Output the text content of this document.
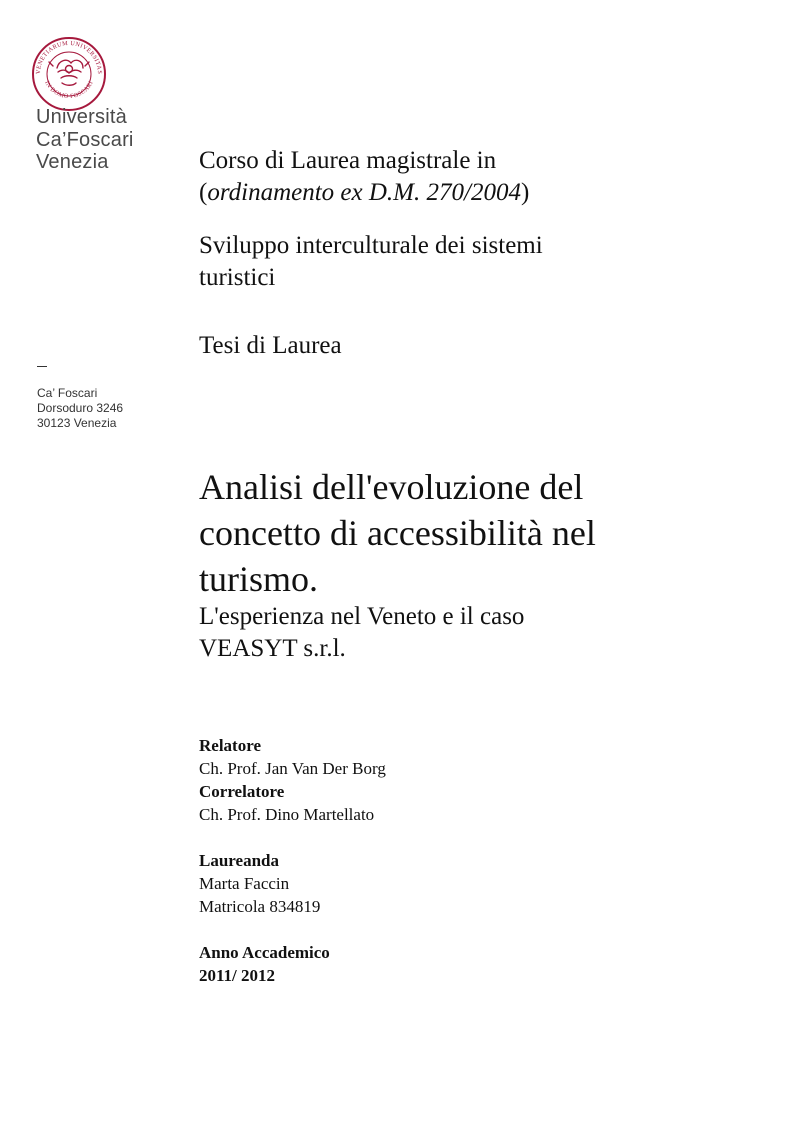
VENETIARUM UNIVERSITAS
IN DOMO FOSCARI
Università
Ca’Foscari
Venezia
Ca’ Foscari
Dorsoduro 3246
30123 Venezia
Corso di Laurea magistrale in
(ordinamento ex D.M. 270/2004)
Sviluppo interculturale dei sistemi
turistici
Tesi di Laurea
Analisi dell'evoluzione del
concetto di accessibilità nel
turismo.
L'esperienza nel Veneto e il caso
VEASYT s.r.l.
Relatore
Ch. Prof. Jan Van Der Borg
Correlatore
Ch. Prof. Dino Martellato
Laureanda
Marta Faccin
Matricola 834819
Anno Accademico
2011/ 2012
